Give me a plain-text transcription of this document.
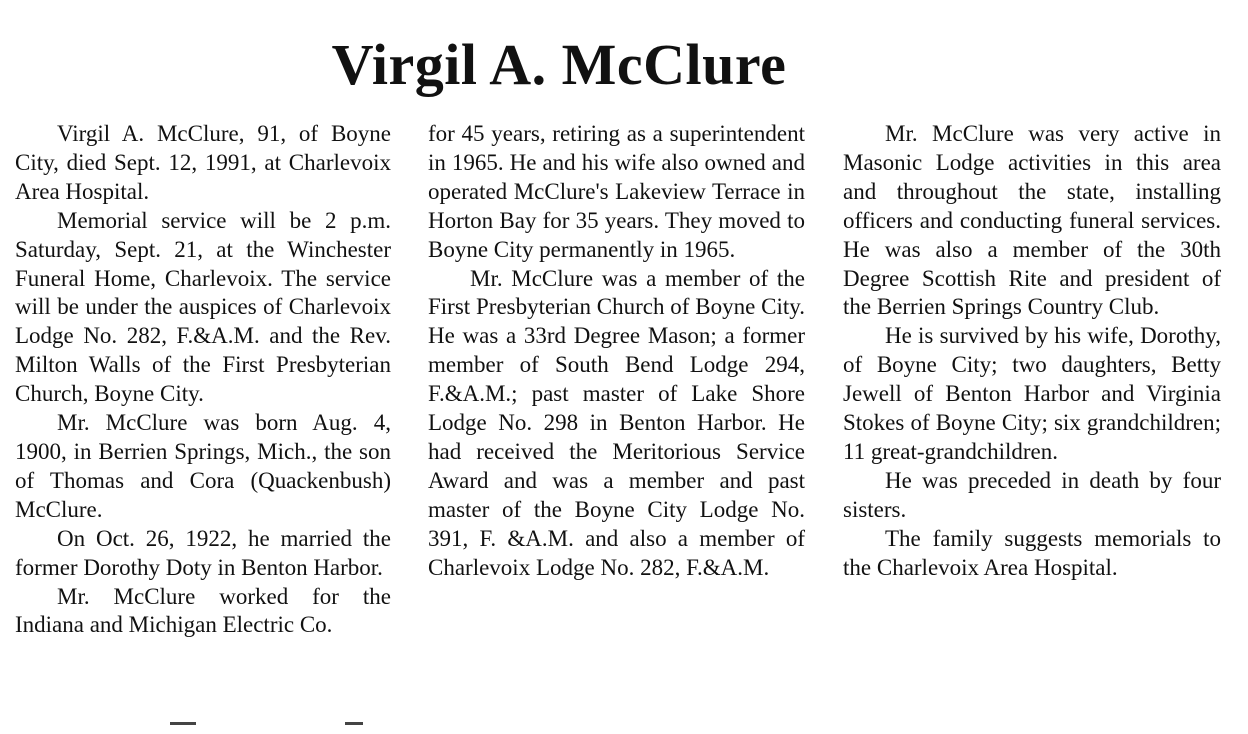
Virgil A. McClure

Virgil A. McClure, 91, of Boyne City, died Sept. 12, 1991, at Charlevoix Area Hospital.

Memorial service will be 2 p.m. Saturday, Sept. 21, at the Winchester Funeral Home, Charlevoix. The service will be under the auspices of Charlevoix Lodge No. 282, F.&A.M. and the Rev. Milton Walls of the First Presbyterian Church, Boyne City.

Mr. McClure was born Aug. 4, 1900, in Berrien Springs, Mich., the son of Thomas and Cora (Quackenbush) McClure.

On Oct. 26, 1922, he married the former Dorothy Doty in Benton Harbor.

Mr. McClure worked for the Indiana and Michigan Electric Co.

for 45 years, retiring as a superintendent in 1965. He and his wife also owned and operated McClure's Lakeview Terrace in Horton Bay for 35 years. They moved to Boyne City permanently in 1965.

Mr. McClure was a member of the First Presbyterian Church of Boyne City. He was a 33rd Degree Mason; a former member of South Bend Lodge 294, F.&A.M.; past master of Lake Shore Lodge No. 298 in Benton Harbor. He had received the Meritorious Service Award and was a member and past master of the Boyne City Lodge No. 391, F. &A.M. and also a member of Charlevoix Lodge No. 282, F.&A.M.

Mr. McClure was very active in Masonic Lodge activities in this area and throughout the state, installing officers and conducting funeral services. He was also a member of the 30th Degree Scottish Rite and president of the Berrien Springs Country Club.

He is survived by his wife, Dorothy, of Boyne City; two daughters, Betty Jewell of Benton Harbor and Virginia Stokes of Boyne City; six grandchildren; 11 great-grandchildren.

He was preceded in death by four sisters.

The family suggests memorials to the Charlevoix Area Hospital.
